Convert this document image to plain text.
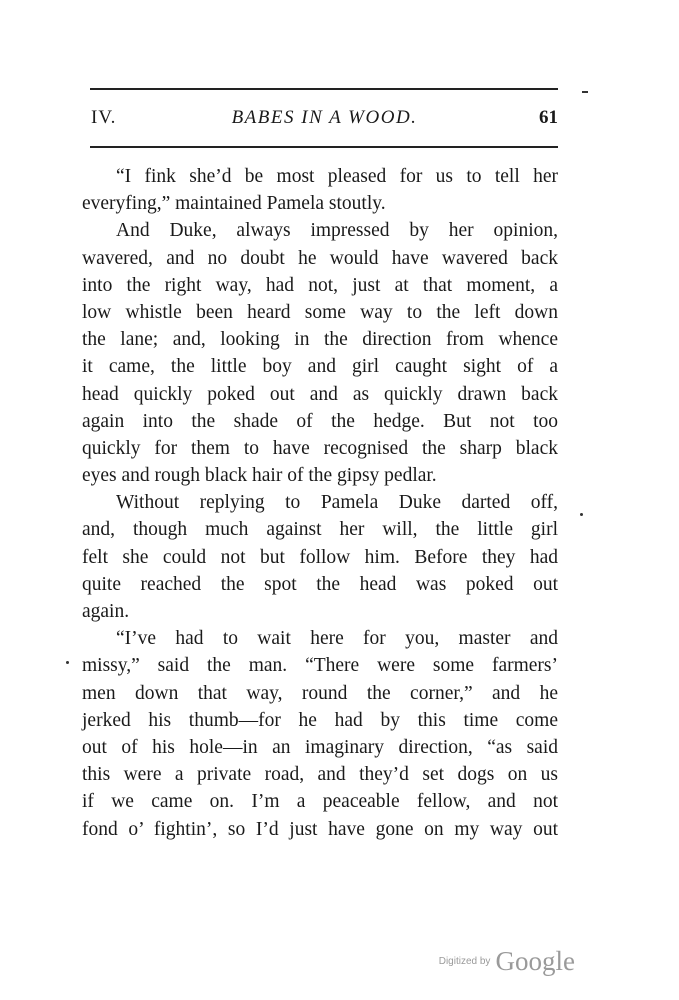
IV.	BABES IN A WOOD.	61
“I fink she’d be most pleased for us to tell her
everyfing,” maintained Pamela stoutly.
And Duke, always impressed by her opinion,
wavered, and no doubt he would have wavered back
into the right way, had not, just at that moment, a
low whistle been heard some way to the left down
the lane; and, looking in the direction from whence
it came, the little boy and girl caught sight of a
head quickly poked out and as quickly drawn back
again into the shade of the hedge. But not too
quickly for them to have recognised the sharp black
eyes and rough black hair of the gipsy pedlar.
Without replying to Pamela Duke darted off,
and, though much against her will, the little girl
felt she could not but follow him. Before they had
quite reached the spot the head was poked out
again.
“I’ve had to wait here for you, master and
missy,” said the man. “There were some farmers’
men down that way, round the corner,” and he
jerked his thumb—for he had by this time come
out of his hole—in an imaginary direction, “as said
this were a private road, and they’d set dogs on us
if we came on. I’m a peaceable fellow, and not
fond o’ fightin’, so I’d just have gone on my way out
Digitized by Google
